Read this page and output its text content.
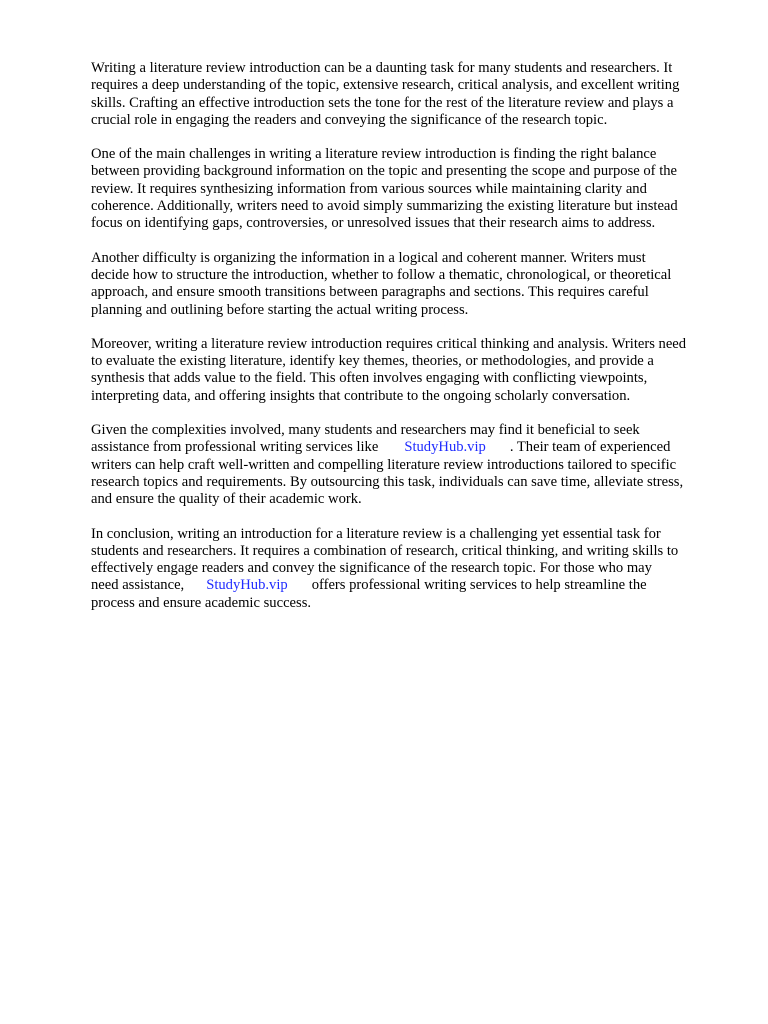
Writing a literature review introduction can be a daunting task for many students and researchers. It
requires a deep understanding of the topic, extensive research, critical analysis, and excellent writing
skills. Crafting an effective introduction sets the tone for the rest of the literature review and plays a
crucial role in engaging the readers and conveying the significance of the research topic.

One of the main challenges in writing a literature review introduction is finding the right balance
between providing background information on the topic and presenting the scope and purpose of the
review. It requires synthesizing information from various sources while maintaining clarity and
coherence. Additionally, writers need to avoid simply summarizing the existing literature but instead
focus on identifying gaps, controversies, or unresolved issues that their research aims to address.

Another difficulty is organizing the information in a logical and coherent manner. Writers must
decide how to structure the introduction, whether to follow a thematic, chronological, or theoretical
approach, and ensure smooth transitions between paragraphs and sections. This requires careful
planning and outlining before starting the actual writing process.

Moreover, writing a literature review introduction requires critical thinking and analysis. Writers need
to evaluate the existing literature, identify key themes, theories, or methodologies, and provide a
synthesis that adds value to the field. This often involves engaging with conflicting viewpoints,
interpreting data, and offering insights that contribute to the ongoing scholarly conversation.

Given the complexities involved, many students and researchers may find it beneficial to seek
assistance from professional writing services like StudyHub.vip . Their team of experienced
writers can help craft well-written and compelling literature review introductions tailored to specific
research topics and requirements. By outsourcing this task, individuals can save time, alleviate stress,
and ensure the quality of their academic work.

In conclusion, writing an introduction for a literature review is a challenging yet essential task for
students and researchers. It requires a combination of research, critical thinking, and writing skills to
effectively engage readers and convey the significance of the research topic. For those who may
need assistance, StudyHub.vip offers professional writing services to help streamline the
process and ensure academic success.
